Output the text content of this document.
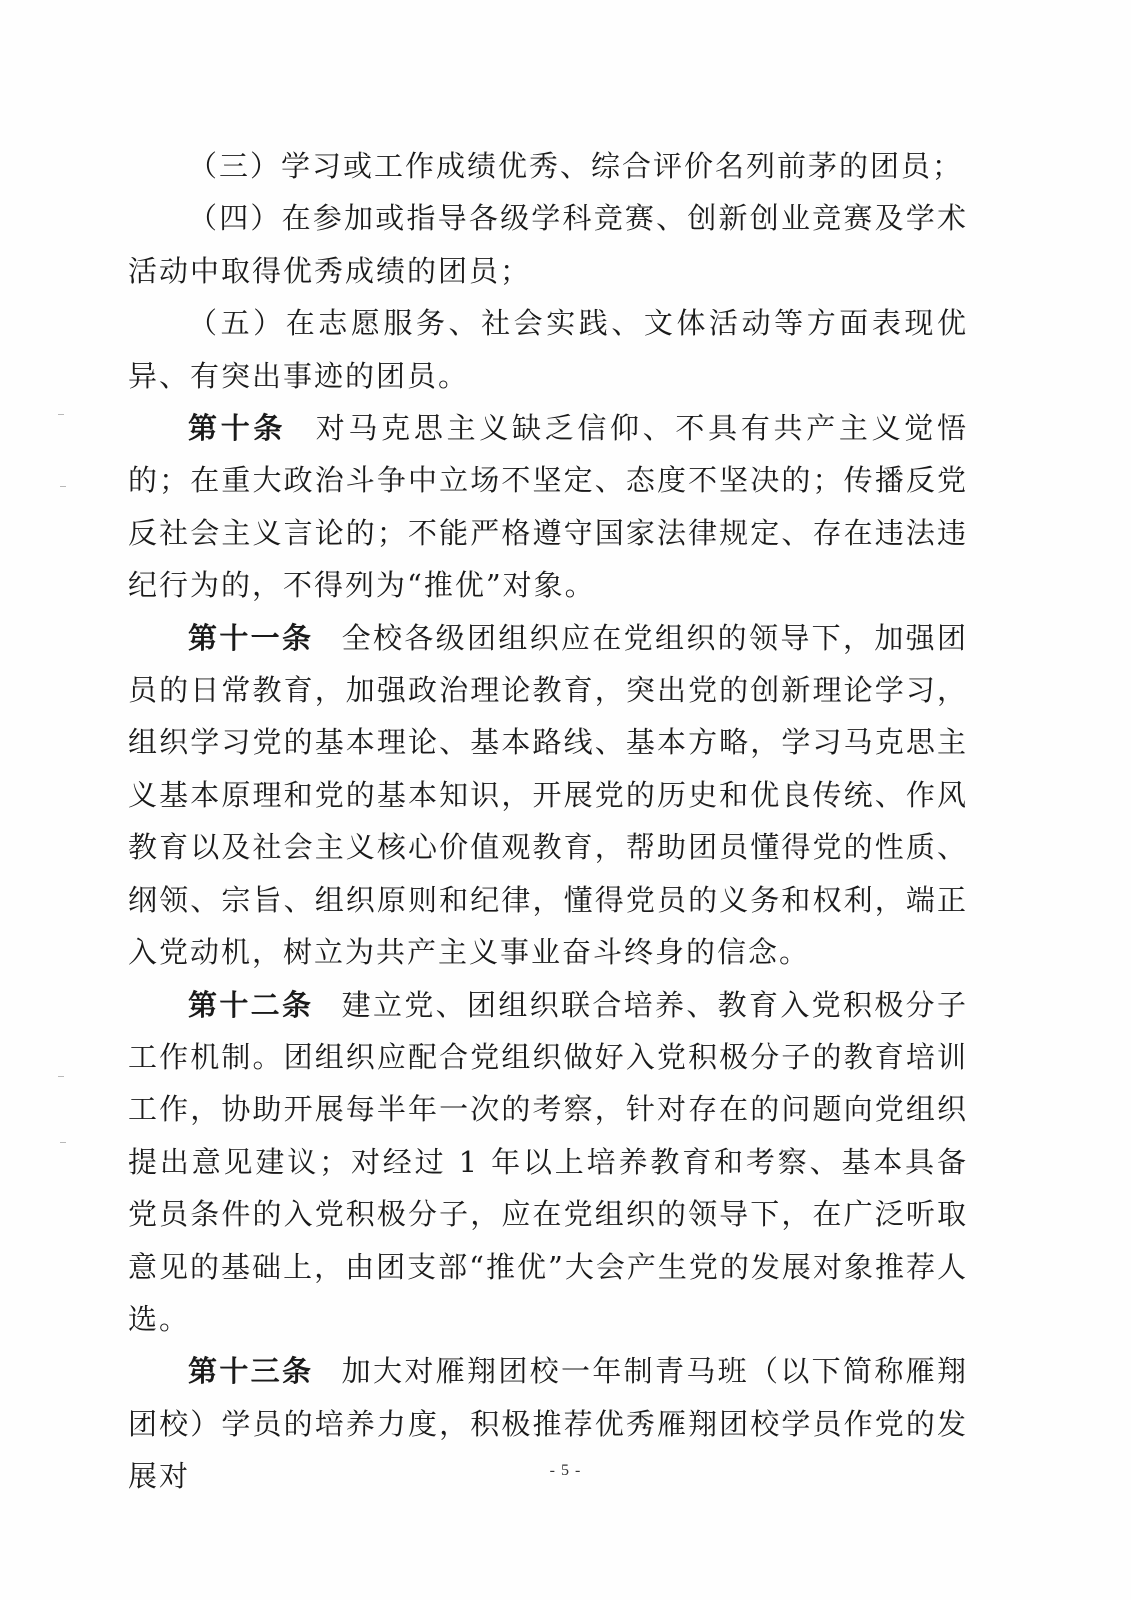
（三）学习或工作成绩优秀、综合评价名列前茅的团员；

（四）在参加或指导各级学科竞赛、创新创业竞赛及学术活动中取得优秀成绩的团员；

（五）在志愿服务、社会实践、文体活动等方面表现优异、有突出事迹的团员。

第十条 对马克思主义缺乏信仰、不具有共产主义觉悟的；在重大政治斗争中立场不坚定、态度不坚决的；传播反党反社会主义言论的；不能严格遵守国家法律规定、存在违法违纪行为的，不得列为“推优”对象。

第十一条 全校各级团组织应在党组织的领导下，加强团员的日常教育，加强政治理论教育，突出党的创新理论学习，组织学习党的基本理论、基本路线、基本方略，学习马克思主义基本原理和党的基本知识，开展党的历史和优良传统、作风教育以及社会主义核心价值观教育，帮助团员懂得党的性质、纲领、宗旨、组织原则和纪律，懂得党员的义务和权利，端正入党动机，树立为共产主义事业奋斗终身的信念。

第十二条 建立党、团组织联合培养、教育入党积极分子工作机制。团组织应配合党组织做好入党积极分子的教育培训工作，协助开展每半年一次的考察，针对存在的问题向党组织提出意见建议；对经过 1 年以上培养教育和考察、基本具备党员条件的入党积极分子，应在党组织的领导下，在广泛听取意见的基础上，由团支部“推优”大会产生党的发展对象推荐人选。

第十三条 加大对雁翔团校一年制青马班（以下简称雁翔团校）学员的培养力度，积极推荐优秀雁翔团校学员作党的发展对	- 5 -
